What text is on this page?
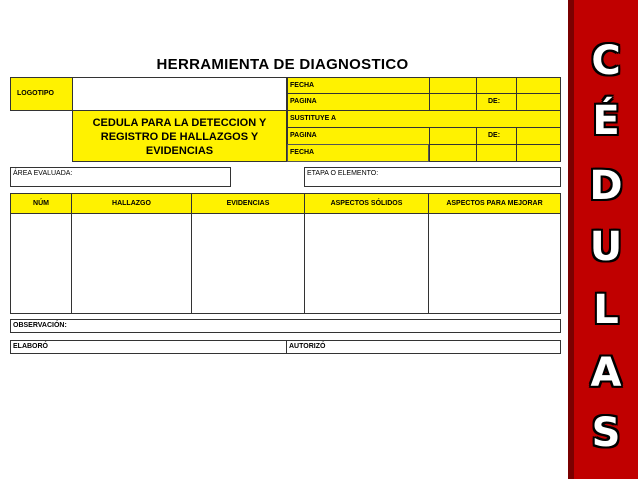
HERRAMIENTA DE DIAGNOSTICO
LOGOTIPO
CEDULA PARA LA DETECCION Y
REGISTRO DE HALLAZGOS Y
EVIDENCIAS
FECHA
PAGINA	DE:
SUSTITUYE A
PAGINA	DE:
FECHA
ÁREA EVALUADA:	ETAPA O ELEMENTO:
NÚM	HALLAZGO	EVIDENCIAS	ASPECTOS SÓLIDOS	ASPECTOS PARA MEJORAR
OBSERVACIÓN:
ELABORÓ	AUTORIZÓ
C
É
D
U
L
A
S
